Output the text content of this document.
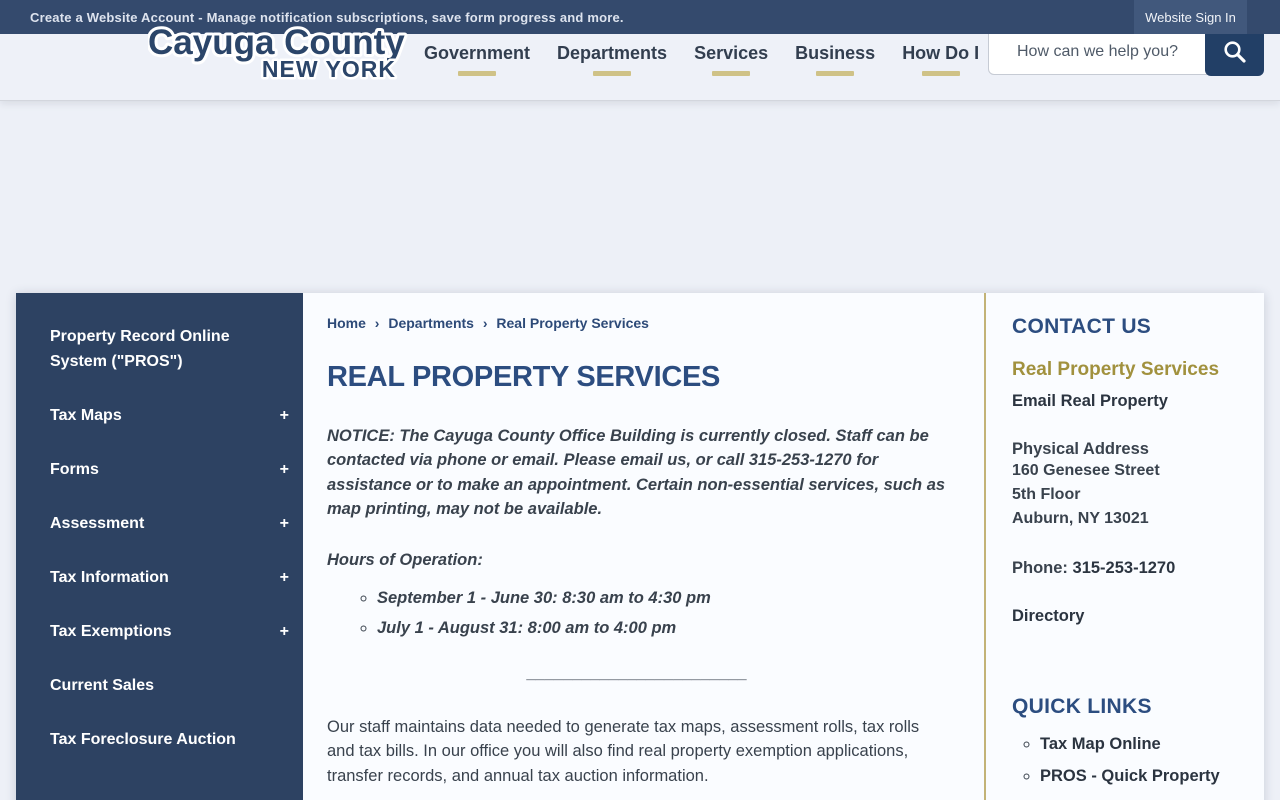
Create a Website Account - Manage notification subscriptions, save form progress and more.	Website Sign In
Cayuga County
NEW YORK
Government Departments Services Business How Do I
How can we help you?
Property Record Online System ("PROS")
Tax Maps	+
Forms	+
Assessment	+
Tax Information	+
Tax Exemptions	+
Current Sales
Tax Foreclosure Auction
Home › Departments › Real Property Services
REAL PROPERTY SERVICES

NOTICE: The Cayuga County Office Building is currently closed. Staff can be contacted via phone or email. Please email us, or call 315-253-1270 for assistance or to make an appointment. Certain non-essential services, such as map printing, may not be available.

Hours of Operation:

◦ September 1 - June 30: 8:30 am to 4:30 pm
◦ July 1 - August 31: 8:00 am to 4:00 pm
________________________

Our staff maintains data needed to generate tax maps, assessment rolls, tax rolls and tax bills. In our office you will also find real property exemption applications, transfer records, and annual tax auction information.

CONTACT US
Real Property Services
Email Real Property

Physical Address

160 Genesee Street

5th Floor

Auburn, NY 13021

Phone: 315-253-1270

Directory
QUICK LINKS
◦ Tax Map Online
◦ PROS - Quick Property
